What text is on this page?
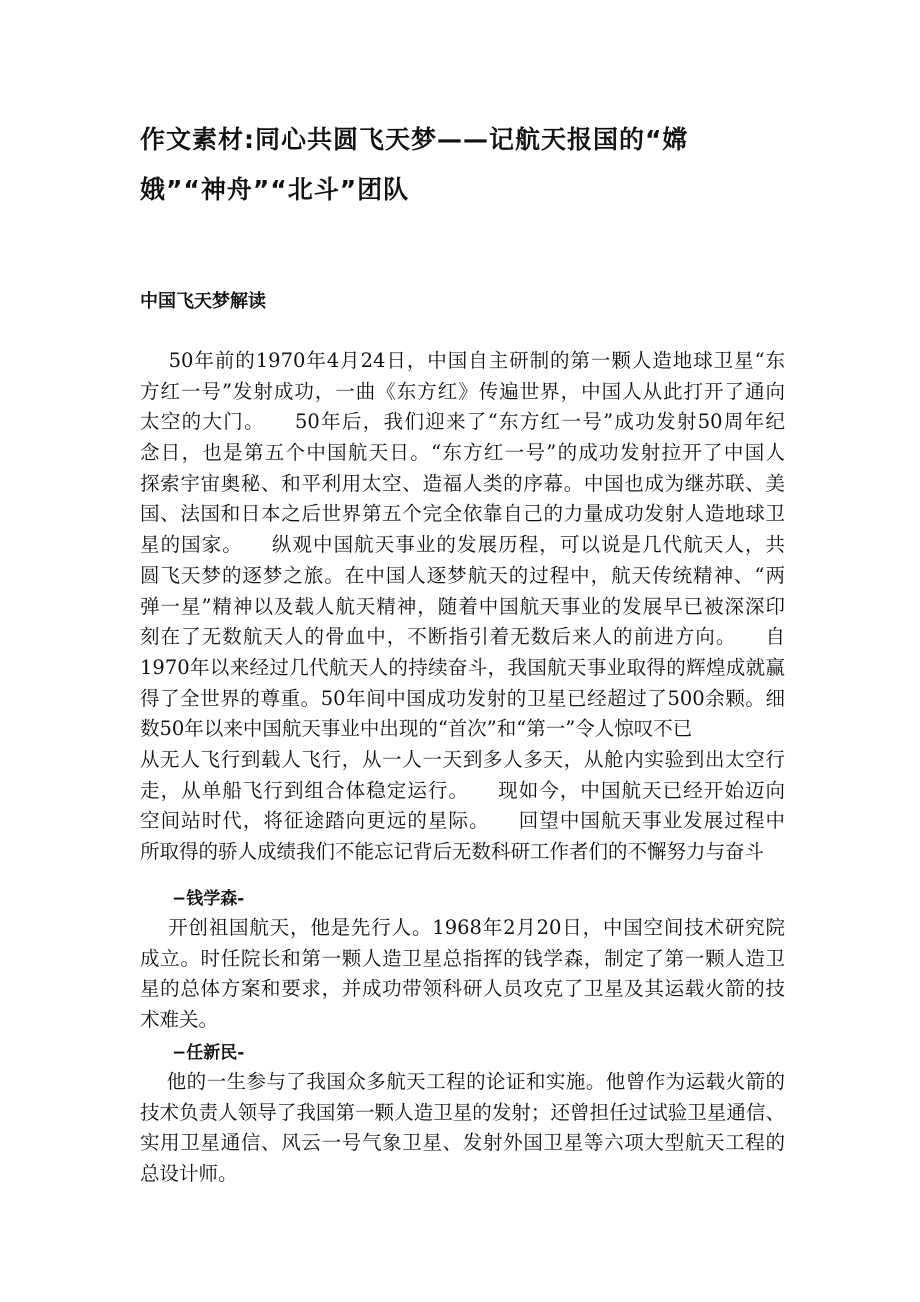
作文素材:同心共圆飞天梦——记航天报国的“嫦
娥”“神舟”“北斗”团队
中国飞天梦解读
50年前的1970年4月24日，中国自主研制的第一颗人造地球卫星“东
方红一号”发射成功，一曲《东方红》传遍世界，中国人从此打开了通向
太空的大门。    50年后，我们迎来了“东方红一号”成功发射50周年纪
念日，也是第五个中国航天日。“东方红一号”的成功发射拉开了中国人
探索宇宙奥秘、和平利用太空、造福人类的序幕。中国也成为继苏联、美
国、法国和日本之后世界第五个完全依靠自己的力量成功发射人造地球卫
星的国家。    纵观中国航天事业的发展历程，可以说是几代航天人，共
圆飞天梦的逐梦之旅。在中国人逐梦航天的过程中，航天传统精神、“两
弹一星”精神以及载人航天精神，随着中国航天事业的发展早已被深深印
刻在了无数航天人的骨血中，不断指引着无数后来人的前进方向。    自
1970年以来经过几代航天人的持续奋斗，我国航天事业取得的辉煌成就赢
得了全世界的尊重。50年间中国成功发射的卫星已经超过了500余颗。细
数50年以来中国航天事业中出现的“首次”和“第一”令人惊叹不已
从无人飞行到载人飞行，从一人一天到多人多天，从舱内实验到出太空行
走，从单船飞行到组合体稳定运行。    现如今，中国航天已经开始迈向
空间站时代，将征途踏向更远的星际。    回望中国航天事业发展过程中
所取得的骄人成绩我们不能忘记背后无数科研工作者们的不懈努力与奋斗
−钱学森-
开创祖国航天，他是先行人。1968年2月20日，中国空间技术研究院
成立。时任院长和第一颗人造卫星总指挥的钱学森，制定了第一颗人造卫
星的总体方案和要求，并成功带领科研人员攻克了卫星及其运载火箭的技
术难关。
−任新民-
他的一生参与了我国众多航天工程的论证和实施。他曾作为运载火箭的
技术负责人领导了我国第一颗人造卫星的发射；还曾担任过试验卫星通信、
实用卫星通信、风云一号气象卫星、发射外国卫星等六项大型航天工程的
总设计师。
